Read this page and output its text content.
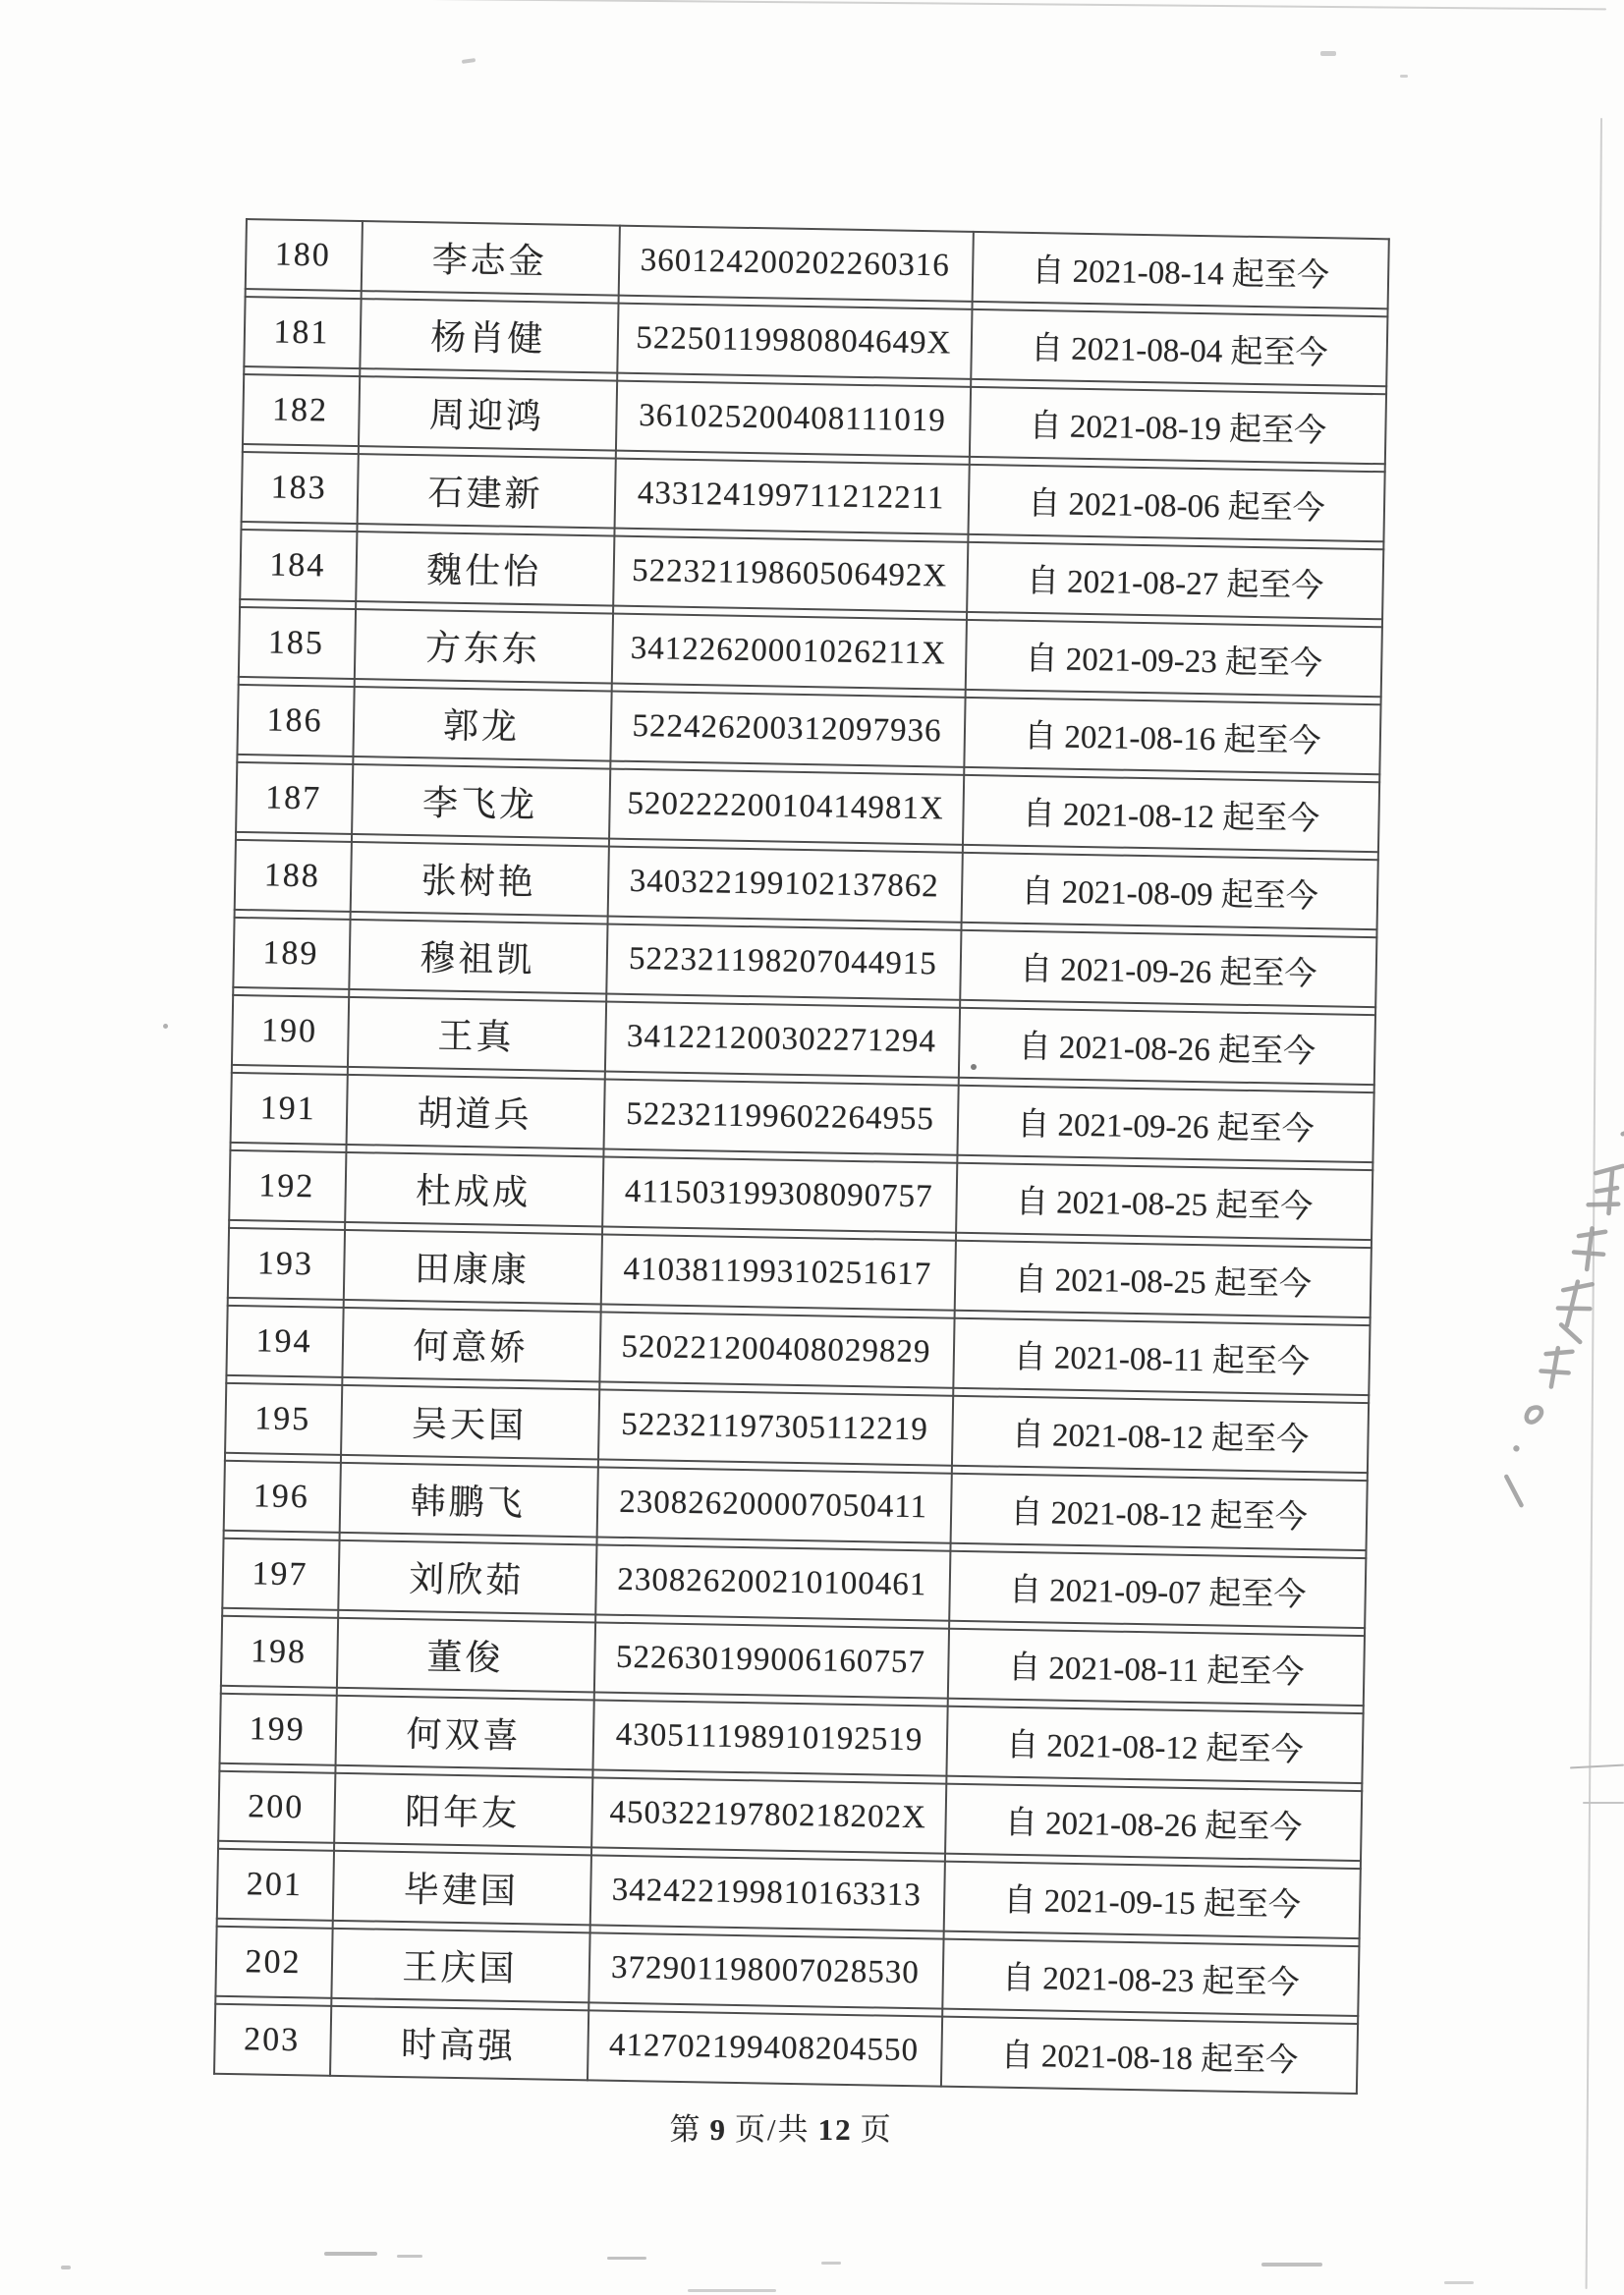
180	李志金	360124200202260316	自 2021-08-14 起至今
181	杨肖健	52250119980804649X	自 2021-08-04 起至今
182	周迎鸿	361025200408111019	自 2021-08-19 起至今
183	石建新	433124199711212211	自 2021-08-06 起至今
184	魏仕怡	52232119860506492X	自 2021-08-27 起至今
185	方东东	34122620001026211X	自 2021-09-23 起至今
186	郭龙	522426200312097936	自 2021-08-16 起至今
187	李飞龙	52022220010414981X	自 2021-08-12 起至今
188	张树艳	340322199102137862	自 2021-08-09 起至今
189	穆祖凯	522321198207044915	自 2021-09-26 起至今
190	王真	341221200302271294	自 2021-08-26 起至今
191	胡道兵	522321199602264955	自 2021-09-26 起至今
192	杜成成	411503199308090757	自 2021-08-25 起至今
193	田康康	410381199310251617	自 2021-08-25 起至今
194	何意娇	520221200408029829	自 2021-08-11 起至今
195	吴天国	522321197305112219	自 2021-08-12 起至今
196	韩鹏飞	230826200007050411	自 2021-08-12 起至今
197	刘欣茹	230826200210100461	自 2021-09-07 起至今
198	董俊	522630199006160757	自 2021-08-11 起至今
199	何双喜	430511198910192519	自 2021-08-12 起至今
200	阳年友	45032219780218202X	自 2021-08-26 起至今
201	毕建国	342422199810163313	自 2021-09-15 起至今
202	王庆国	372901198007028530	自 2021-08-23 起至今
203	时高强	412702199408204550	自 2021-08-18 起至今
第 9 页/共 12 页
